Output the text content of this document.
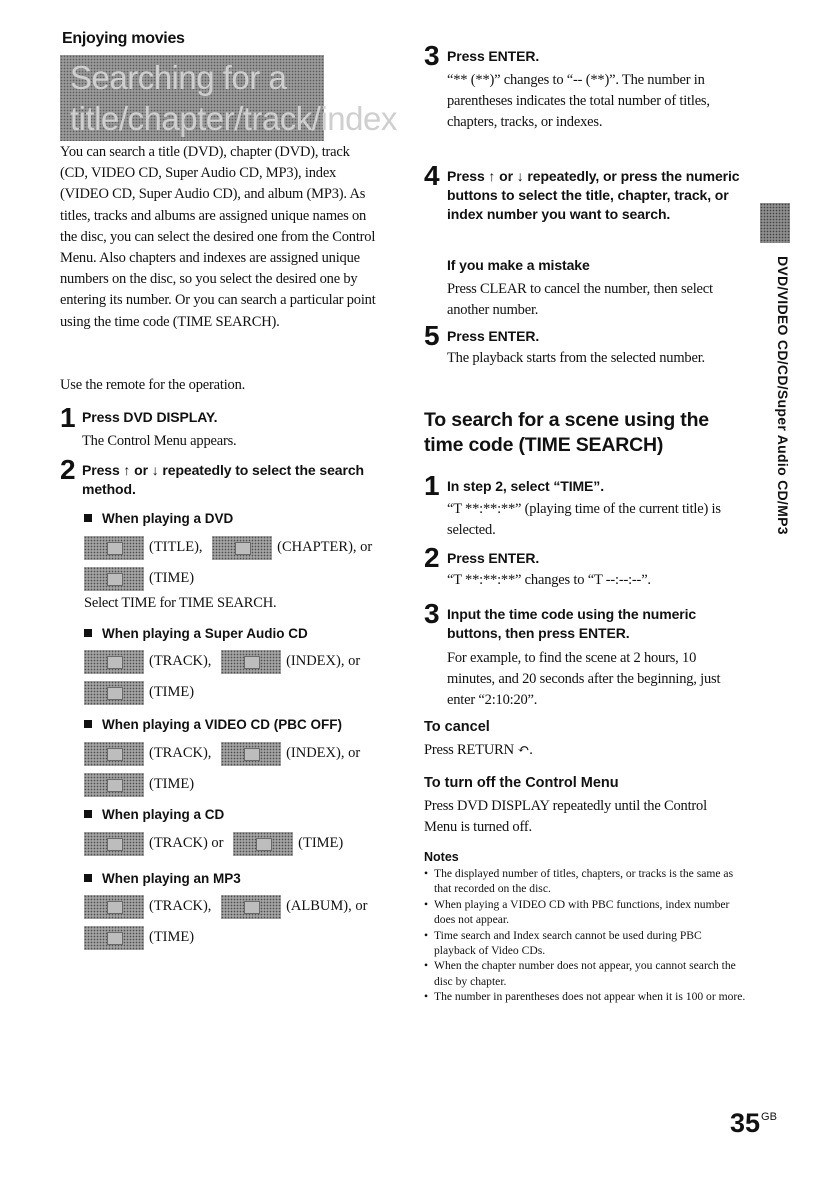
Enjoying movies
Searching for a title/chapter/track/index
You can search a title (DVD), chapter (DVD), track (CD, VIDEO CD, Super Audio CD, MP3), index (VIDEO CD, Super Audio CD), and album (MP3). As titles, tracks and albums are assigned unique names on the disc, you can select the desired one from the Control Menu. Also chapters and indexes are assigned unique numbers on the disc, so you select the desired one by entering its number. Or you can search a particular point using the time code (TIME SEARCH).
Use the remote for the operation.
1 Press DVD DISPLAY.
The Control Menu appears.
2 Press ↑ or ↓ repeatedly to select the search method.
When playing a DVD
(TITLE),	(CHAPTER), or
(TIME)
Select TIME for TIME SEARCH.
When playing a Super Audio CD
(TRACK),	(INDEX), or
(TIME)
When playing a VIDEO CD (PBC OFF)
(TRACK),	(INDEX), or
(TIME)
When playing a CD
(TRACK) or	(TIME)
When playing an MP3
(TRACK),	(ALBUM), or
(TIME)
3 Press ENTER.
“** (**)” changes to “-- (**)”. The number in parentheses indicates the total number of titles, chapters, tracks, or indexes.
4 Press ↑ or ↓ repeatedly, or press the numeric buttons to select the title, chapter, track, or index number you want to search.
If you make a mistake
Press CLEAR to cancel the number, then select another number.
5 Press ENTER.
The playback starts from the selected number.
To search for a scene using the time code (TIME SEARCH)
1 In step 2, select “TIME”.
“T **:**:**” (playing time of the current title) is selected.
2 Press ENTER.
“T **:**:**” changes to “T --:--:--”.
3 Input the time code using the numeric buttons, then press ENTER.
For example, to find the scene at 2 hours, 10 minutes, and 20 seconds after the beginning, just enter “2:10:20”.
To cancel
Press RETURN ↶.
To turn off the Control Menu
Press DVD DISPLAY repeatedly until the Control Menu is turned off.
Notes
• The displayed number of titles, chapters, or tracks is the same as that recorded on the disc.
• When playing a VIDEO CD with PBC functions, index number does not appear.
• Time search and Index search cannot be used during PBC playback of Video CDs.
• When the chapter number does not appear, you cannot search the disc by chapter.
• The number in parentheses does not appear when it is 100 or more.
DVD/VIDEO CD/CD/Super Audio CD/MP3
$35^{GB}$
